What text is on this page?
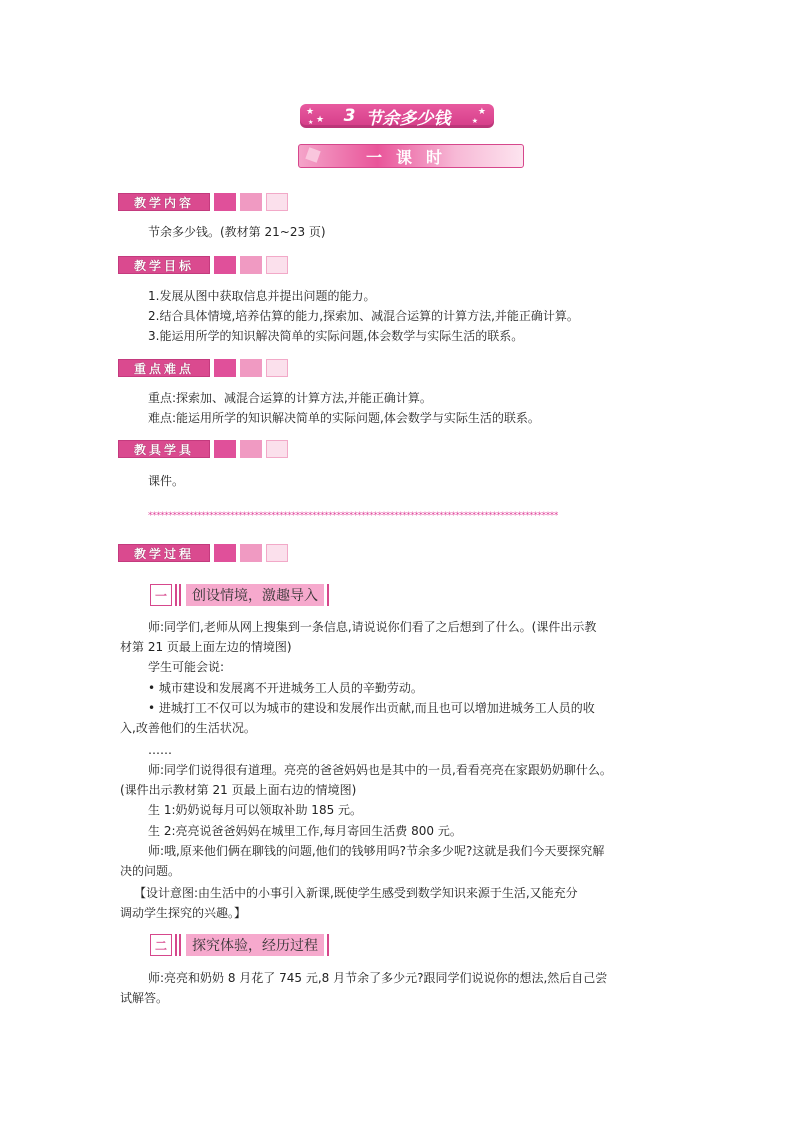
★
★
★ 3 节余多少钱	★
★
一课时
教学内容
节余多少钱。(教材第 21~23 页)
教学目标
1.发展从图中获取信息并提出问题的能力。
2.结合具体情境,培养估算的能力,探索加、减混合运算的计算方法,并能正确计算。
3.能运用所学的知识解决简单的实际问题,体会数学与实际生活的联系。
重点难点
重点:探索加、减混合运算的计算方法,并能正确计算。
难点:能运用所学的知识解决简单的实际问题,体会数学与实际生活的联系。
教具学具
课件。
****************************************************************************************************
教学过程
一	创设情境，激趣导入
师:同学们,老师从网上搜集到一条信息,请说说你们看了之后想到了什么。(课件出示教
材第 21 页最上面左边的情境图)
学生可能会说:
• 城市建设和发展离不开进城务工人员的辛勤劳动。
• 进城打工不仅可以为城市的建设和发展作出贡献,而且也可以增加进城务工人员的收
入,改善他们的生活状况。
……
师:同学们说得很有道理。亮亮的爸爸妈妈也是其中的一员,看看亮亮在家跟奶奶聊什么。
(课件出示教材第 21 页最上面右边的情境图)
生 1:奶奶说每月可以领取补助 185 元。
生 2:亮亮说爸爸妈妈在城里工作,每月寄回生活费 800 元。
师:哦,原来他们俩在聊钱的问题,他们的钱够用吗?节余多少呢?这就是我们今天要探究解
决的问题。
【设计意图:由生活中的小事引入新课,既使学生感受到数学知识来源于生活,又能充分
调动学生探究的兴趣。】
二	探究体验，经历过程
师:亮亮和奶奶 8 月花了 745 元,8 月节余了多少元?跟同学们说说你的想法,然后自己尝
试解答。
